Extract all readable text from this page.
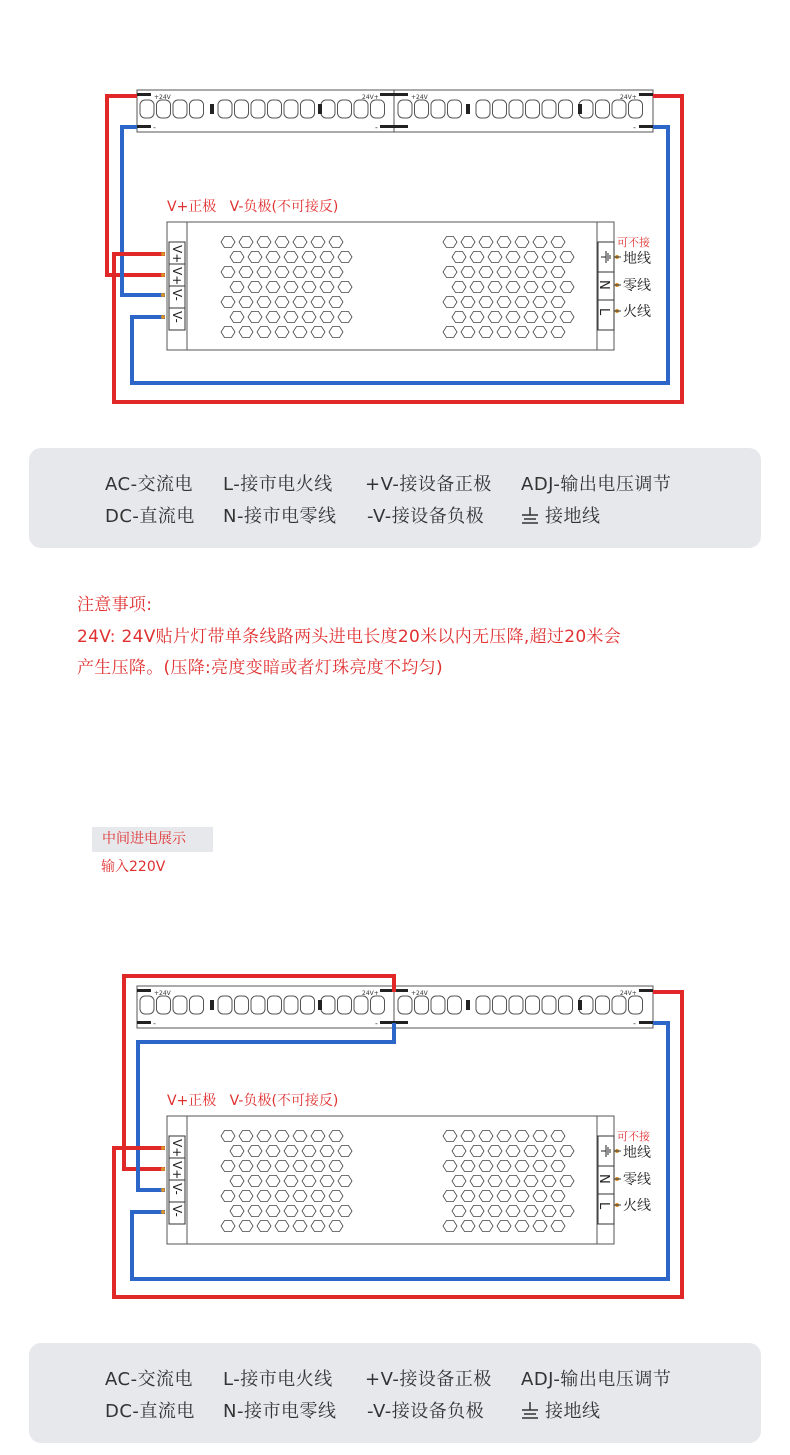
+24V	24V+	+24V	24V+
-	-	-
V+
V+
V-
V-
N
L
V+正极   V-负极(不可接反)
可不接
地线
零线
火线
AC-交流电 L-接市电火线 +V-接设备正极 ADJ-输出电压调节
DC-直流电 N-接市电零线 -V-接设备负极	接地线
注意事项:
24V: 24V贴片灯带单条线路两头进电长度20米以内无压降,超过20米会
产生压降。(压降:亮度变暗或者灯珠亮度不均匀)
中间进电展示
输入220V
+24V	24V+	+24V	24V+
-	-	-
V+
V+
V-
V-
N
L
V+正极   V-负极(不可接反)
可不接
地线
零线
火线
AC-交流电 L-接市电火线 +V-接设备正极 ADJ-输出电压调节
DC-直流电 N-接市电零线 -V-接设备负极	接地线
